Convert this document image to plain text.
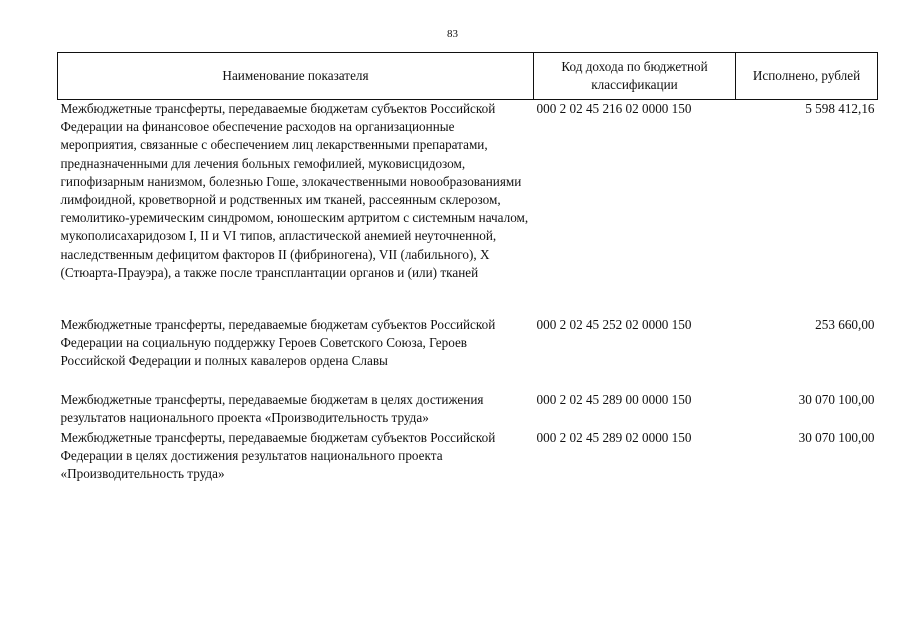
83
Наименование показателя	Код дохода по бюджетной классификации	Исполнено, рублей
Межбюджетные трансферты, передаваемые бюджетам субъектов Российской Федерации на финансовое обеспечение расходов на организационные мероприятия, связанные с обеспечением лиц лекарственными препаратами, предназначенными для лечения больных гемофилией, муковисцидозом, гипофизарным нанизмом, болезнью Гоше, злокачественными новообразованиями лимфоидной, кроветворной и родственных им тканей, рассеянным склерозом, гемолитико-уремическим синдромом, юношеским артритом с системным началом, мукополисахаридозом I, II и VI типов, апластической анемией неуточненной, наследственным дефицитом факторов II (фибриногена), VII (лабильного), X (Стюарта-Прауэра), а также после трансплантации органов и (или) тканей	000 2 02 45 216 02 0000 150	5 598 412,16
Межбюджетные трансферты, передаваемые бюджетам субъектов Российской Федерации на социальную поддержку Героев Советского Союза, Героев Российской Федерации и полных кавалеров ордена Славы	000 2 02 45 252 02 0000 150	253 660,00
Межбюджетные трансферты, передаваемые бюджетам в целях достижения результатов национального проекта «Производительность труда»	000 2 02 45 289 00 0000 150	30 070 100,00
Межбюджетные трансферты, передаваемые бюджетам субъектов Российской Федерации в целях достижения результатов национального проекта «Производительность труда»	000 2 02 45 289 02 0000 150	30 070 100,00
